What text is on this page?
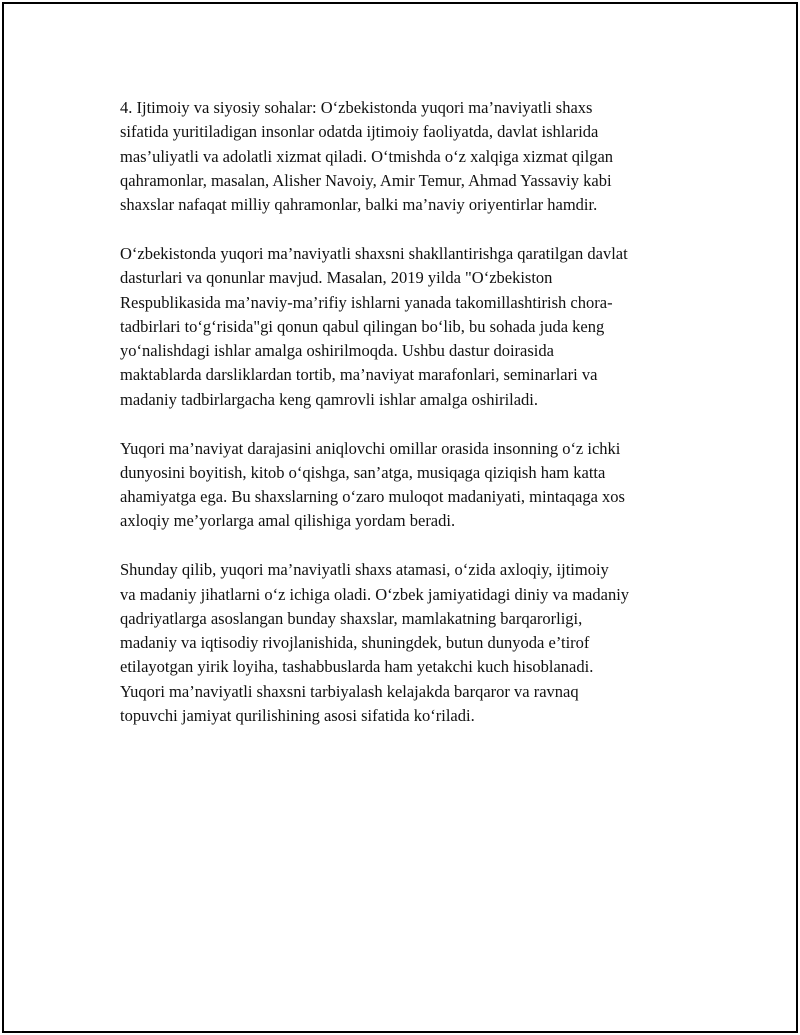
4. Ijtimoiy va siyosiy sohalar: O‘zbekistonda yuqori ma’naviyatli shaxs
sifatida yuritiladigan insonlar odatda ijtimoiy faoliyatda, davlat ishlarida
mas’uliyatli va adolatli xizmat qiladi. O‘tmishda o‘z xalqiga xizmat qilgan
qahramonlar, masalan, Alisher Navoiy, Amir Temur, Ahmad Yassaviy kabi
shaxslar nafaqat milliy qahramonlar, balki ma’naviy oriyentirlar hamdir.

O‘zbekistonda yuqori ma’naviyatli shaxsni shakllantirishga qaratilgan davlat
dasturlari va qonunlar mavjud. Masalan, 2019 yilda "O‘zbekiston
Respublikasida ma’naviy-ma’rifiy ishlarni yanada takomillashtirish chora-
tadbirlari to‘g‘risida"gi qonun qabul qilingan bo‘lib, bu sohada juda keng
yo‘nalishdagi ishlar amalga oshirilmoqda. Ushbu dastur doirasida
maktablarda darsliklardan tortib, ma’naviyat marafonlari, seminarlari va
madaniy tadbirlargacha keng qamrovli ishlar amalga oshiriladi.

Yuqori ma’naviyat darajasini aniqlovchi omillar orasida insonning o‘z ichki
dunyosini boyitish, kitob o‘qishga, san’atga, musiqaga qiziqish ham katta
ahamiyatga ega. Bu shaxslarning o‘zaro muloqot madaniyati, mintaqaga xos
axloqiy me’yorlarga amal qilishiga yordam beradi.

Shunday qilib, yuqori ma’naviyatli shaxs atamasi, o‘zida axloqiy, ijtimoiy
va madaniy jihatlarni o‘z ichiga oladi. O‘zbek jamiyatidagi diniy va madaniy
qadriyatlarga asoslangan bunday shaxslar, mamlakatning barqarorligi,
madaniy va iqtisodiy rivojlanishida, shuningdek, butun dunyoda e’tirof
etilayotgan yirik loyiha, tashabbuslarda ham yetakchi kuch hisoblanadi.
Yuqori ma’naviyatli shaxsni tarbiyalash kelajakda barqaror va ravnaq
topuvchi jamiyat qurilishining asosi sifatida ko‘riladi.
